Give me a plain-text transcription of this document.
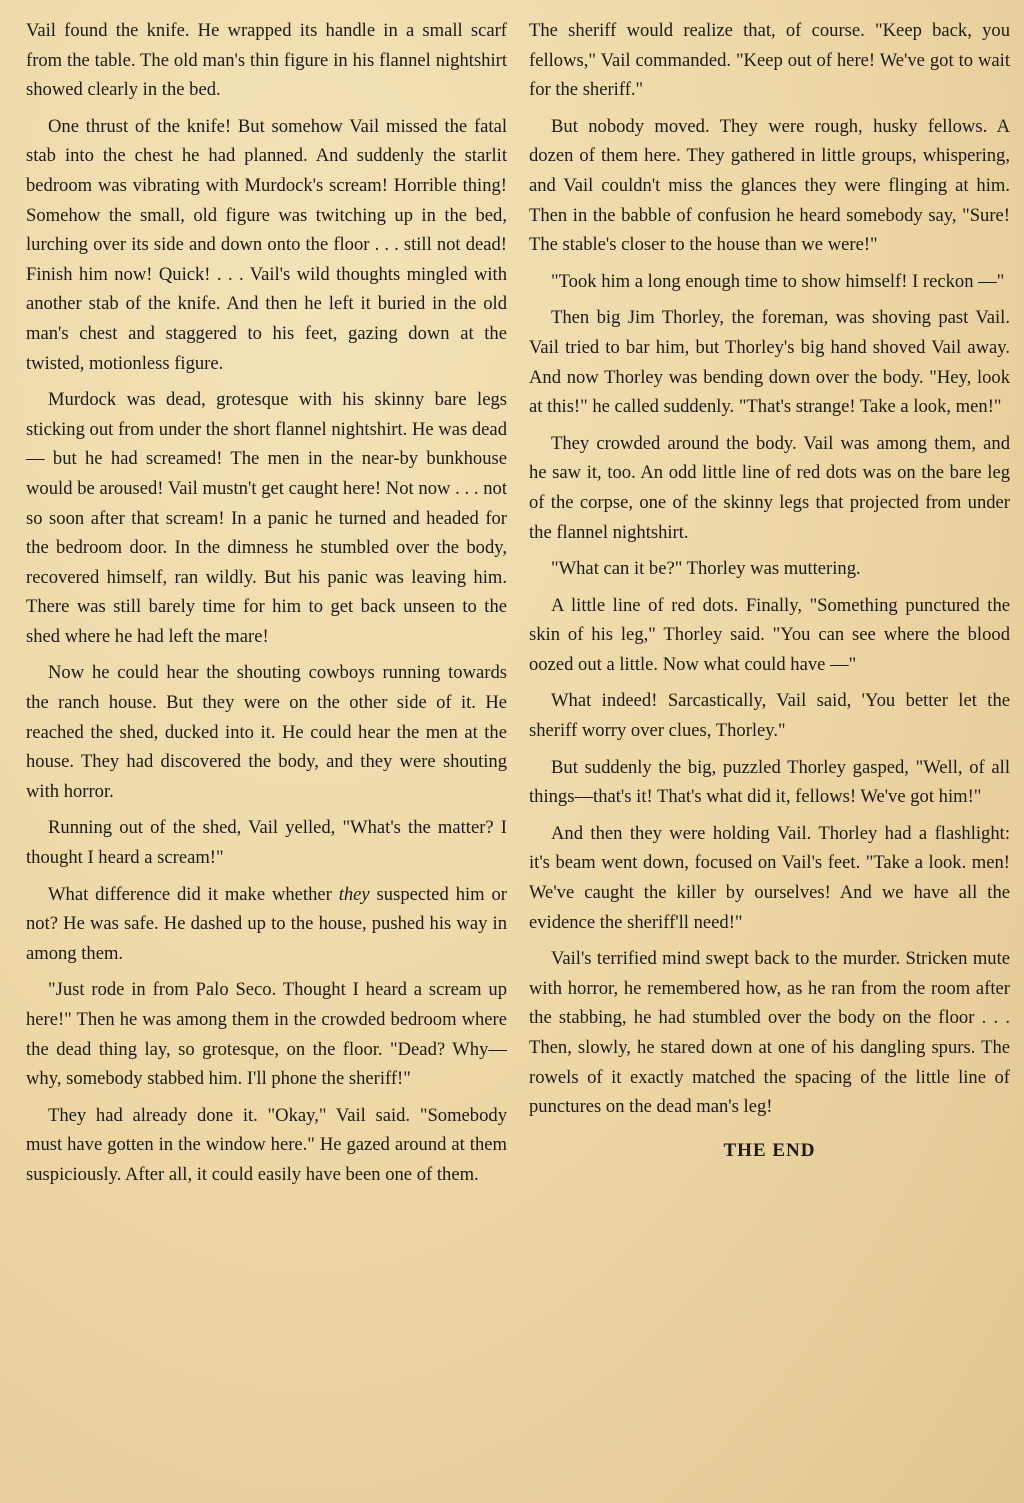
Vail found the knife. He wrapped its handle in a small scarf from the table. The old man's thin figure in his flannel nightshirt showed clearly in the bed.

One thrust of the knife! But somehow Vail missed the fatal stab into the chest he had planned. And suddenly the starlit bedroom was vibrating with Murdock's scream! Horrible thing! Somehow the small, old figure was twitching up in the bed, lurching over its side and down onto the floor . . . still not dead! Finish him now! Quick! . . . Vail's wild thoughts mingled with another stab of the knife. And then he left it buried in the old man's chest and staggered to his feet, gazing down at the twisted, motionless figure.

Murdock was dead, grotesque with his skinny bare legs sticking out from under the short flannel nightshirt. He was dead — but he had screamed! The men in the near-by bunkhouse would be aroused! Vail mustn't get caught here! Not now . . . not so soon after that scream! In a panic he turned and headed for the bedroom door. In the dimness he stumbled over the body, recovered himself, ran wildly. But his panic was leaving him. There was still barely time for him to get back unseen to the shed where he had left the mare!

Now he could hear the shouting cowboys running towards the ranch house. But they were on the other side of it. He reached the shed, ducked into it. He could hear the men at the house. They had discovered the body, and they were shouting with horror.

Running out of the shed, Vail yelled, "What's the matter? I thought I heard a scream!"

What difference did it make whether they suspected him or not? He was safe. He dashed up to the house, pushed his way in among them.

"Just rode in from Palo Seco. Thought I heard a scream up here!" Then he was among them in the crowded bedroom where the dead thing lay, so grotesque, on the floor. "Dead? Why—why, somebody stabbed him. I'll phone the sheriff!"

They had already done it. "Okay," Vail said. "Somebody must have gotten in the window here." He gazed around at them suspiciously. After all, it could easily have been one of them.

The sheriff would realize that, of course. "Keep back, you fellows," Vail commanded. "Keep out of here! We've got to wait for the sheriff."

But nobody moved. They were rough, husky fellows. A dozen of them here. They gathered in little groups, whispering, and Vail couldn't miss the glances they were flinging at him. Then in the babble of confusion he heard somebody say, "Sure! The stable's closer to the house than we were!"

"Took him a long enough time to show himself! I reckon —"

Then big Jim Thorley, the foreman, was shoving past Vail. Vail tried to bar him, but Thorley's big hand shoved Vail away. And now Thorley was bending down over the body. "Hey, look at this!" he called suddenly. "That's strange! Take a look, men!"

They crowded around the body. Vail was among them, and he saw it, too. An odd little line of red dots was on the bare leg of the corpse, one of the skinny legs that projected from under the flannel nightshirt.

"What can it be?" Thorley was muttering.

A little line of red dots. Finally, "Something punctured the skin of his leg," Thorley said. "You can see where the blood oozed out a little. Now what could have —"

What indeed! Sarcastically, Vail said, 'You better let the sheriff worry over clues, Thorley."

But suddenly the big, puzzled Thorley gasped, "Well, of all things—that's it! That's what did it, fellows! We've got him!"

And then they were holding Vail. Thorley had a flashlight: it's beam went down, focused on Vail's feet. "Take a look. men! We've caught the killer by ourselves! And we have all the evidence the sheriff'll need!"

Vail's terrified mind swept back to the murder. Stricken mute with horror, he remembered how, as he ran from the room after the stabbing, he had stumbled over the body on the floor . . . Then, slowly, he stared down at one of his dangling spurs. The rowels of it exactly matched the spacing of the little line of punctures on the dead man's leg!

THE END
